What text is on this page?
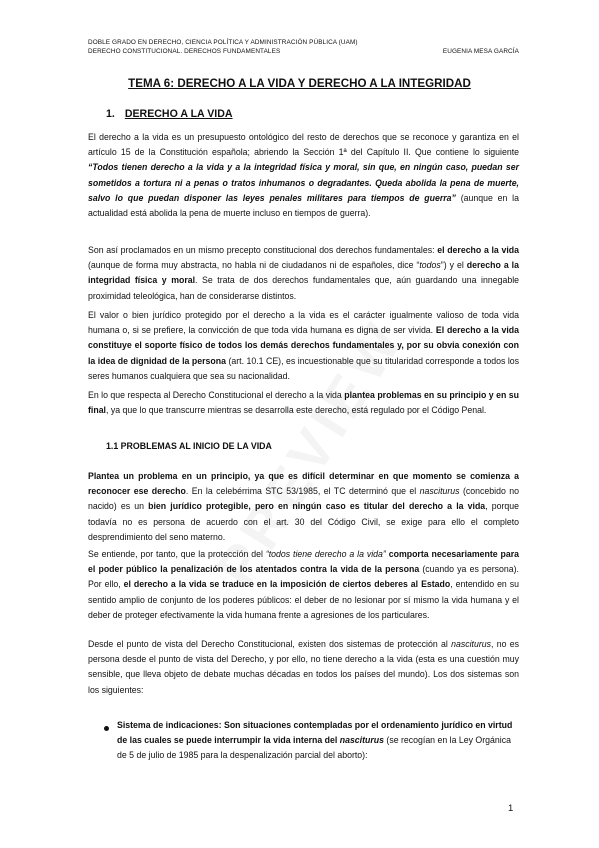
DOBLE GRADO EN DERECHO, CIENCIA POLÍTICA Y ADMINISTRACIÓN PÚBLICA (UAM)
DERECHO CONSTITUCIONAL. DERECHOS FUNDAMENTALES	EUGENIA MESA GARCÍA
TEMA 6: DERECHO A LA VIDA Y DERECHO A LA INTEGRIDAD
1. DERECHO A LA VIDA
El derecho a la vida es un presupuesto ontológico del resto de derechos que se reconoce y garantiza en el artículo 15 de la Constitución española; abriendo la Sección 1ª del Capítulo II. Que contiene lo siguiente “Todos tienen derecho a la vida y a la integridad física y moral, sin que, en ningún caso, puedan ser sometidos a tortura ni a penas o tratos inhumanos o degradantes. Queda abolida la pena de muerte, salvo lo que puedan disponer las leyes penales militares para tiempos de guerra” (aunque en la actualidad está abolida la pena de muerte incluso en tiempos de guerra).
Son así proclamados en un mismo precepto constitucional dos derechos fundamentales: el derecho a la vida (aunque de forma muy abstracta, no habla ni de ciudadanos ni de españoles, dice “todos”) y el derecho a la integridad física y moral. Se trata de dos derechos fundamentales que, aún guardando una innegable proximidad teleológica, han de considerarse distintos.
El valor o bien jurídico protegido por el derecho a la vida es el carácter igualmente valioso de toda vida humana o, si se prefiere, la convicción de que toda vida humana es digna de ser vivida. El derecho a la vida constituye el soporte físico de todos los demás derechos fundamentales y, por su obvia conexión con la idea de dignidad de la persona (art. 10.1 CE), es incuestionable que su titularidad corresponde a todos los seres humanos cualquiera que sea su nacionalidad.
En lo que respecta al Derecho Constitucional el derecho a la vida plantea problemas en su principio y en su final, ya que lo que transcurre mientras se desarrolla este derecho, está regulado por el Código Penal.
1.1 PROBLEMAS AL INICIO DE LA VIDA
Plantea un problema en un principio, ya que es difícil determinar en que momento se comienza a reconocer ese derecho. En la celebérrima STC 53/1985, el TC determinó que el nasciturus (concebido no nacido) es un bien jurídico protegible, pero en ningún caso es titular del derecho a la vida, porque todavía no es persona de acuerdo con el art. 30 del Código Civil, se exige para ello el completo desprendimiento del seno materno.
Se entiende, por tanto, que la protección del “todos tiene derecho a la vida” comporta necesariamente para el poder público la penalización de los atentados contra la vida de la persona (cuando ya es persona). Por ello, el derecho a la vida se traduce en la imposición de ciertos deberes al Estado, entendido en su sentido amplio de conjunto de los poderes públicos: el deber de no lesionar por sí mismo la vida humana y el deber de proteger efectivamente la vida humana frente a agresiones de los particulares.
Desde el punto de vista del Derecho Constitucional, existen dos sistemas de protección al nasciturus, no es persona desde el punto de vista del Derecho, y por ello, no tiene derecho a la vida (esta es una cuestión muy sensible, que lleva objeto de debate muchas décadas en todos los países del mundo). Los dos sistemas son los siguientes:
Sistema de indicaciones: Son situaciones contempladas por el ordenamiento jurídico en virtud de las cuales se puede interrumpir la vida interna del nasciturus (se recogían en la Ley Orgánica de 5 de julio de 1985 para la despenalización parcial del aborto):
1
